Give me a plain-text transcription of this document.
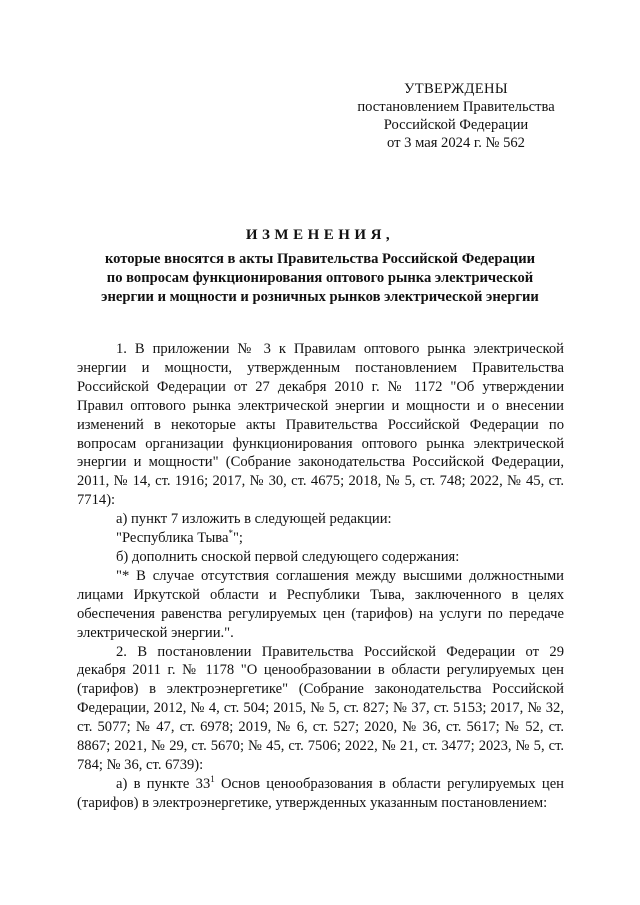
УТВЕРЖДЕНЫ
постановлением Правительства
Российской Федерации
от 3 мая 2024 г. № 562
ИЗМЕНЕНИЯ,
которые вносятся в акты Правительства Российской Федерации
по вопросам функционирования оптового рынка электрической
энергии и мощности и розничных рынков электрической энергии

1. В приложении № 3 к Правилам оптового рынка электрической энергии и мощности, утвержденным постановлением Правительства Российской Федерации от 27 декабря 2010 г. № 1172 "Об утверждении Правил оптового рынка электрической энергии и мощности и о внесении изменений в некоторые акты Правительства Российской Федерации по вопросам организации функционирования оптового рынка электрической энергии и мощности" (Собрание законодательства Российской Федерации, 2011, № 14, ст. 1916; 2017, № 30, ст. 4675; 2018, № 5, ст. 748; 2022, № 45, ст. 7714):

а) пункт 7 изложить в следующей редакции:

"Республика Тыва*";

б) дополнить сноской первой следующего содержания:

"* В случае отсутствия соглашения между высшими должностными лицами Иркутской области и Республики Тыва, заключенного в целях обеспечения равенства регулируемых цен (тарифов) на услуги по передаче электрической энергии.".

2. В постановлении Правительства Российской Федерации от 29 декабря 2011 г. № 1178 "О ценообразовании в области регулируемых цен (тарифов) в электроэнергетике" (Собрание законодательства Российской Федерации, 2012, № 4, ст. 504; 2015, № 5, ст. 827; № 37, ст. 5153; 2017, № 32, ст. 5077; № 47, ст. 6978; 2019, № 6, ст. 527; 2020, № 36, ст. 5617; № 52, ст. 8867; 2021, № 29, ст. 5670; № 45, ст. 7506; 2022, № 21, ст. 3477; 2023, № 5, ст. 784; № 36, ст. 6739):

а) в пункте $33^1$ Основ ценообразования в области регулируемых цен (тарифов) в электроэнергетике, утвержденных указанным постановлением:
